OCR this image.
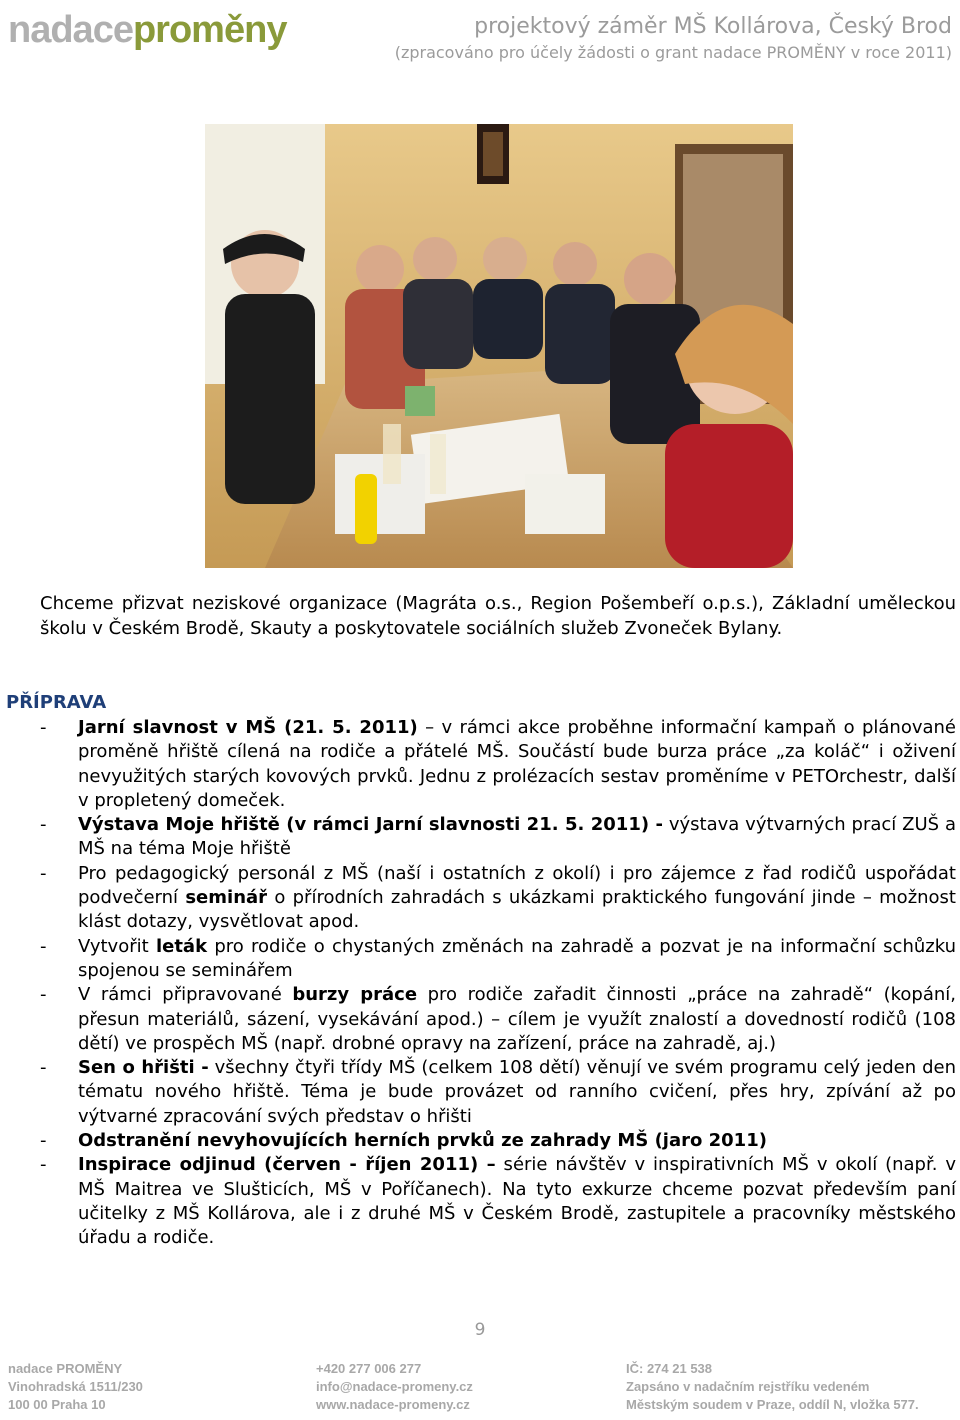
nadaceproměny	projektový záměr MŠ Kollárova, Český Brod
(zpracováno pro účely žádosti o grant nadace PROMĚNY v roce 2011)

Chceme přizvat neziskové organizace (Magráta o.s., Region Pošembeří o.p.s.), Základní uměleckou školu v Českém Brodě, Skauty a poskytovatele sociálních služeb Zvoneček Bylany.

PŘÍPRAVA
- Jarní slavnost v MŠ (21. 5. 2011) – v rámci akce proběhne informační kampaň o plánované proměně hřiště cílená na rodiče a přátelé MŠ. Součástí bude burza práce „za koláč“ i oživení nevyužitých starých kovových prvků. Jednu z prolézacích sestav proměníme v PETOrchestr, další v propletený domeček.
- Výstava Moje hřiště (v rámci Jarní slavnosti 21. 5. 2011) - výstava výtvarných prací ZUŠ a MŠ na téma Moje hřiště
- Pro pedagogický personál z MŠ (naší i ostatních z okolí) i pro zájemce z řad rodičů uspořádat podvečerní seminář o přírodních zahradách s ukázkami praktického fungování jinde – možnost klást dotazy, vysvětlovat apod.
- Vytvořit leták pro rodiče o chystaných změnách na zahradě a pozvat je na informační schůzku spojenou se seminářem
- V rámci připravované burzy práce pro rodiče zařadit činnosti „práce na zahradě“ (kopání, přesun materiálů, sázení, vysekávání apod.) – cílem je využít znalostí a dovedností rodičů (108 dětí) ve prospěch MŠ (např. drobné opravy na zařízení, práce na zahradě, aj.)
- Sen o hřišti - všechny čtyři třídy MŠ (celkem 108 dětí) věnují ve svém programu celý jeden den tématu nového hřiště. Téma je bude provázet od ranního cvičení, přes hry, zpívání až po výtvarné zpracování svých představ o hřišti
- Odstranění nevyhovujících herních prvků ze zahrady MŠ (jaro 2011)
- Inspirace odjinud (červen - říjen 2011) – série návštěv v inspirativních MŠ v okolí (např. v MŠ Maitrea ve Slušticích, MŠ v Poříčanech). Na tyto exkurze chceme pozvat především paní učitelky z MŠ Kollárova, ale i z druhé MŠ v Českém Brodě, zastupitele a pracovníky městského úřadu a rodiče.
9
nadace PROMĚNY
Vinohradská 1511/230
100 00 Praha 10
+420 277 006 277
info@nadace-promeny.cz
www.nadace-promeny.cz
IČ: 274 21 538
Zapsáno v nadačním rejstříku vedeném
Městským soudem v Praze, oddíl N, vložka 577.
